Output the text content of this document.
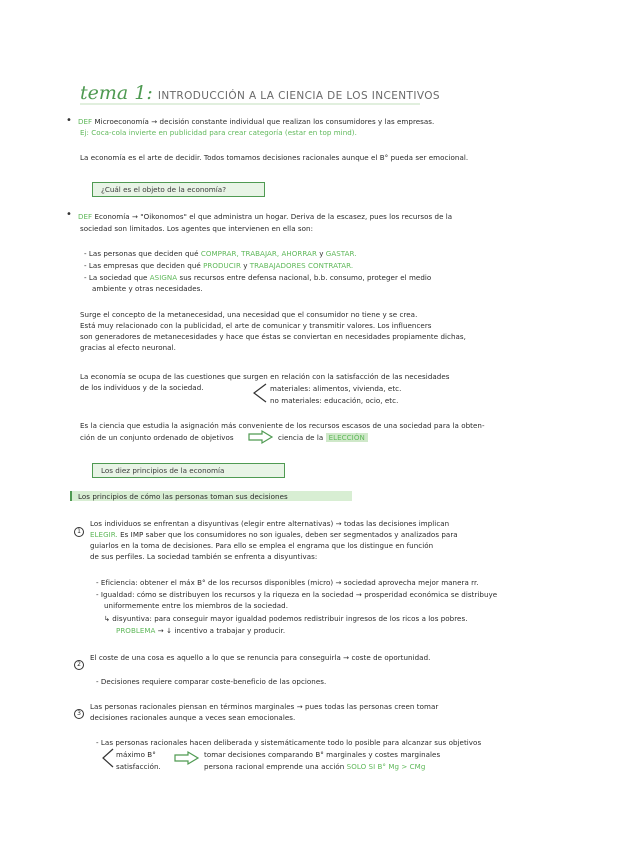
tema 1: INTRODUCCIÓN A LA CIENCIA DE LOS INCENTIVOS
• DEF Microeconomía → decisión constante individual que realizan los consumidores y las empresas.
Ej: Coca-cola invierte en publicidad para crear categoría (estar en top mind).
La economía es el arte de decidir. Todos tomamos decisiones racionales aunque el B° pueda ser emocional.
¿Cuál es el objeto de la economía?
• DEF Economía → "Oikonomos" el que administra un hogar. Deriva de la escasez, pues los recursos de la
sociedad son limitados. Los agentes que intervienen en ella son:
- Las personas que deciden qué COMPRAR, TRABAJAR, AHORRAR y GASTAR.
- Las empresas que deciden qué PRODUCIR y TRABAJADORES CONTRATAR.
- La sociedad que ASIGNA sus recursos entre defensa nacional, b.b. consumo, proteger el medio
ambiente y otras necesidades.
Surge el concepto de la metanecesidad, una necesidad que el consumidor no tiene y se crea.
Está muy relacionado con la publicidad, el arte de comunicar y transmitir valores. Los influencers
son generadores de metanecesidades y hace que éstas se conviertan en necesidades propiamente dichas,
gracias al efecto neuronal.
La economía se ocupa de las cuestiones que surgen en relación con la satisfacción de las necesidades
de los individuos y de la sociedad.	materiales: alimentos, vivienda, etc.
no materiales: educación, ocio, etc.
Es la ciencia que estudia la asignación más conveniente de los recursos escasos de una sociedad para la obten-
ción de un conjunto ordenado de objetivos	ciencia de la ELECCIÓN
Los diez principios de la economía
Los principios de cómo las personas toman sus decisiones
1
Los individuos se enfrentan a disyuntivas (elegir entre alternativas) → todas las decisiones implican
ELEGIR. Es IMP saber que los consumidores no son iguales, deben ser segmentados y analizados para
guiarlos en la toma de decisiones. Para ello se emplea el engrama que los distingue en función
de sus perfiles. La sociedad también se enfrenta a disyuntivas:
- Eficiencia: obtener el máx B° de los recursos disponibles (micro) → sociedad aprovecha mejor manera rr.
- Igualdad: cómo se distribuyen los recursos y la riqueza en la sociedad → prosperidad económica se distribuye
uniformemente entre los miembros de la sociedad.
↳ disyuntiva: para conseguir mayor igualdad podemos redistribuir ingresos de los ricos a los pobres.
PROBLEMA → ↓ incentivo a trabajar y producir.
2
El coste de una cosa es aquello a lo que se renuncia para conseguirla → coste de oportunidad.
- Decisiones requiere comparar coste-beneficio de las opciones.
3
Las personas racionales piensan en términos marginales → pues todas las personas creen tomar
decisiones racionales aunque a veces sean emocionales.
- Las personas racionales hacen deliberada y sistemáticamente todo lo posible para alcanzar sus objetivos
máximo B°
satisfacción.
tomar decisiones comparando B° marginales y costes marginales
persona racional emprende una acción SOLO SI B° Mg > CMg
